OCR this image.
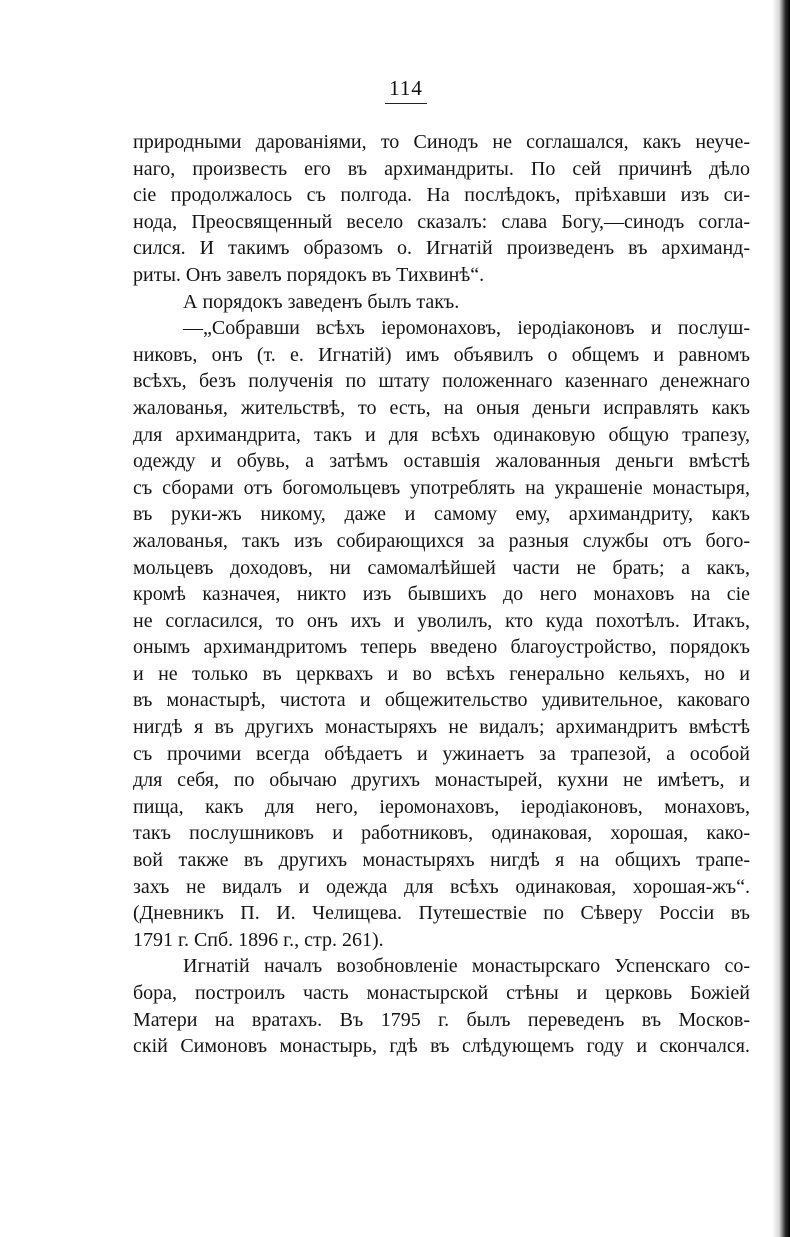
114
природными дарованіями, то Синодъ не соглашался, какъ неуче-
наго, произвесть его въ архимандриты. По сей причинѣ дѣло
сіе продолжалось съ полгода. На послѣдокъ, пріѣхавши изъ си-
нода, Преосвященный весело сказалъ: слава Богу,—синодъ согла-
сился. И такимъ образомъ о. Игнатій произведенъ въ архиманд-
риты. Онъ завелъ порядокъ въ Тихвинѣ“.
А порядокъ заведенъ былъ такъ.
—„Собравши всѣхъ іеромонаховъ, іеродіаконовъ и послуш-
никовъ, онъ (т. е. Игнатій) имъ объявилъ о общемъ и равномъ
всѣхъ, безъ полученія по штату положеннаго казеннаго денежнаго
жалованья, жительствѣ, то есть, на оныя деньги исправлять какъ
для архимандрита, такъ и для всѣхъ одинаковую общую трапезу,
одежду и обувь, а затѣмъ оставшія жалованныя деньги вмѣстѣ
съ сборами отъ богомольцевъ употреблять на украшеніе монастыря,
въ руки-жъ никому, даже и самому ему, архимандриту, какъ
жалованья, такъ изъ собирающихся за разныя службы отъ бого-
мольцевъ доходовъ, ни самомалѣйшей части не брать; а какъ,
кромѣ казначея, никто изъ бывшихъ до него монаховъ на сіе
не согласился, то онъ ихъ и уволилъ, кто куда похотѣлъ. Итакъ,
онымъ архимандритомъ теперь введено благоустройство, порядокъ
и не только въ церквахъ и во всѣхъ генерально кельяхъ, но и
въ монастырѣ, чистота и общежительство удивительное, каковаго
нигдѣ я въ другихъ монастыряхъ не видалъ; архимандритъ вмѣстѣ
съ прочими всегда обѣдаетъ и ужинаетъ за трапезой, а особой
для себя, по обычаю другихъ монастырей, кухни не имѣетъ, и
пища, какъ для него, іеромонаховъ, іеродіаконовъ, монаховъ,
такъ послушниковъ и работниковъ, одинаковая, хорошая, како-
вой также въ другихъ монастыряхъ нигдѣ я на общихъ трапе-
захъ не видалъ и одежда для всѣхъ одинаковая, хорошая-жъ“.
(Дневникъ П. И. Челищева. Путешествіе по Сѣверу Россіи въ
1791 г. Спб. 1896 г., стр. 261).
Игнатій началъ возобновленіе монастырскаго Успенскаго со-
бора, построилъ часть монастырской стѣны и церковь Божіей
Матери на вратахъ. Въ 1795 г. былъ переведенъ въ Москов-
скій Симоновъ монастырь, гдѣ въ слѣдующемъ году и скончался.
